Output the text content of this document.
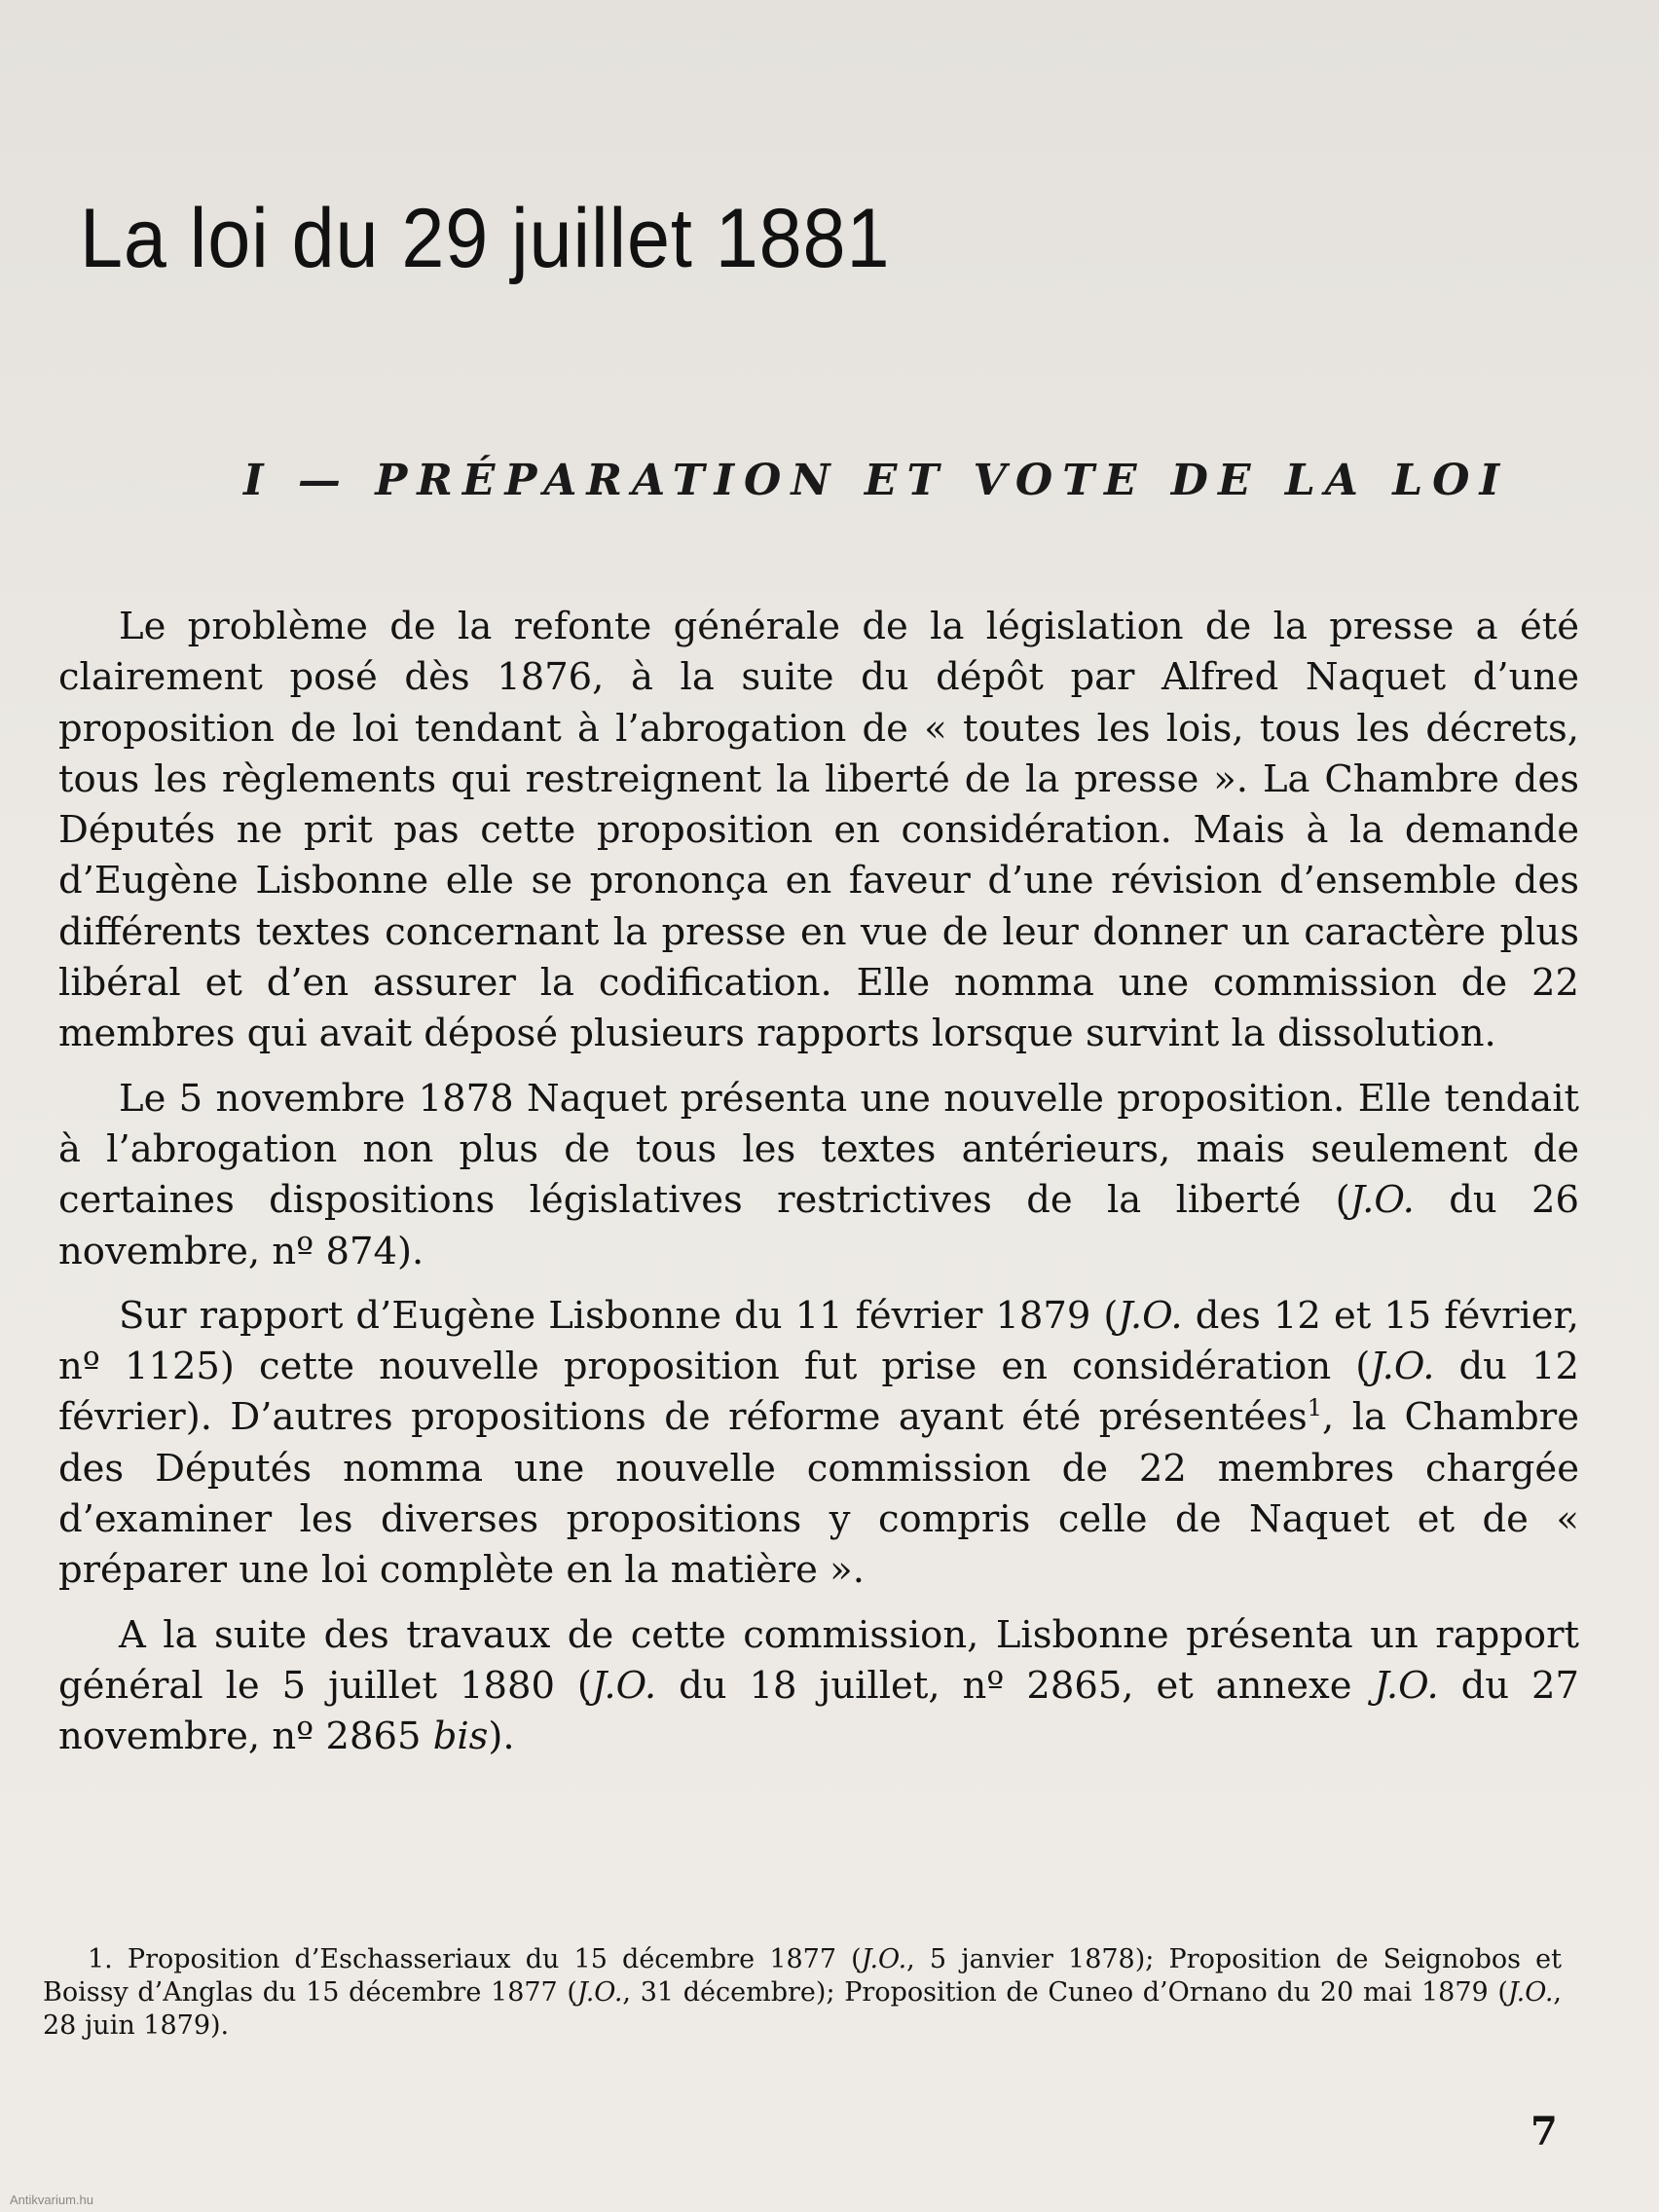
La loi du 29 juillet 1881
I — PRÉPARATION ET VOTE DE LA LOI

Le problème de la refonte générale de la législation de la presse a été clairement posé dès 1876, à la suite du dépôt par Alfred Naquet d’une proposition de loi tendant à l’abrogation de « toutes les lois, tous les décrets, tous les règlements qui restreignent la liberté de la presse ». La Chambre des Députés ne prit pas cette proposition en considération. Mais à la demande d’Eugène Lisbonne elle se prononça en faveur d’une révision d’ensemble des différents textes concernant la presse en vue de leur donner un caractère plus libéral et d’en assurer la codification. Elle nomma une commission de 22 membres qui avait déposé plusieurs rapports lorsque survint la dissolution.

Le 5 novembre 1878 Naquet présenta une nouvelle proposition. Elle tendait à l’abrogation non plus de tous les textes antérieurs, mais seulement de certaines dispositions législatives restrictives de la liberté (J.O. du 26 novembre, nº 874).

Sur rapport d’Eugène Lisbonne du 11 février 1879 (J.O. des 12 et 15 février, nº 1125) cette nouvelle proposition fut prise en considération (J.O. du 12 février). D’autres propositions de réforme ayant été présentées$^1$, la Chambre des Députés nomma une nouvelle commission de 22 membres chargée d’examiner les diverses propositions y compris celle de Naquet et de « préparer une loi complète en la matière ».

A la suite des travaux de cette commission, Lisbonne présenta un rapport général le 5 juillet 1880 (J.O. du 18 juillet, nº 2865, et annexe J.O. du 27 novembre, nº 2865 bis).

1. Proposition d’Eschasseriaux du 15 décembre 1877 (J.O., 5 janvier 1878); Proposition de Seignobos et Boissy d’Anglas du 15 décembre 1877 (J.O., 31 décembre); Proposition de Cuneo d’Ornano du 20 mai 1879 (J.O., 28 juin 1879).

7
Antikvarium.hu
